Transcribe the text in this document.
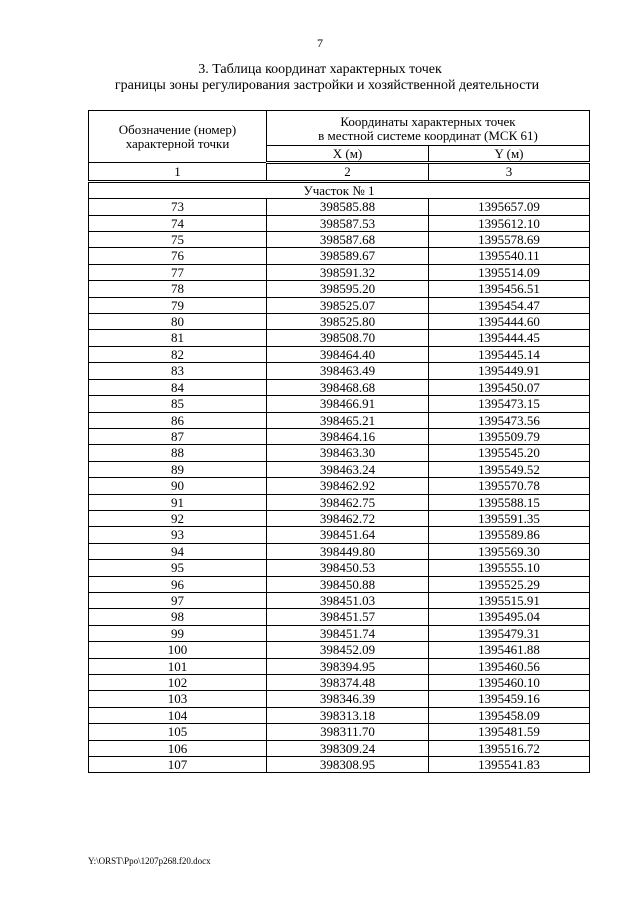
7
3. Таблица координат характерных точек
границы зоны регулирования застройки и хозяйственной деятельности
Обозначение (номер) характерной точки	Координаты характерных точек
в местной системе координат (МСК 61)	

	X (м)	Y (м)
1	2	3
Участок № 1		
73	398585.88	1395657.09
74	398587.53	1395612.10
75	398587.68	1395578.69
76	398589.67	1395540.11
77	398591.32	1395514.09
78	398595.20	1395456.51
79	398525.07	1395454.47
80	398525.80	1395444.60
81	398508.70	1395444.45
82	398464.40	1395445.14
83	398463.49	1395449.91
84	398468.68	1395450.07
85	398466.91	1395473.15
86	398465.21	1395473.56
87	398464.16	1395509.79
88	398463.30	1395545.20
89	398463.24	1395549.52
90	398462.92	1395570.78
91	398462.75	1395588.15
92	398462.72	1395591.35
93	398451.64	1395589.86
94	398449.80	1395569.30
95	398450.53	1395555.10
96	398450.88	1395525.29
97	398451.03	1395515.91
98	398451.57	1395495.04
99	398451.74	1395479.31
100	398452.09	1395461.88
101	398394.95	1395460.56
102	398374.48	1395460.10
103	398346.39	1395459.16
104	398313.18	1395458.09
105	398311.70	1395481.59
106	398309.24	1395516.72
107	398308.95	1395541.83
Y:\ORST\Ppo\1207p268.f20.docx
